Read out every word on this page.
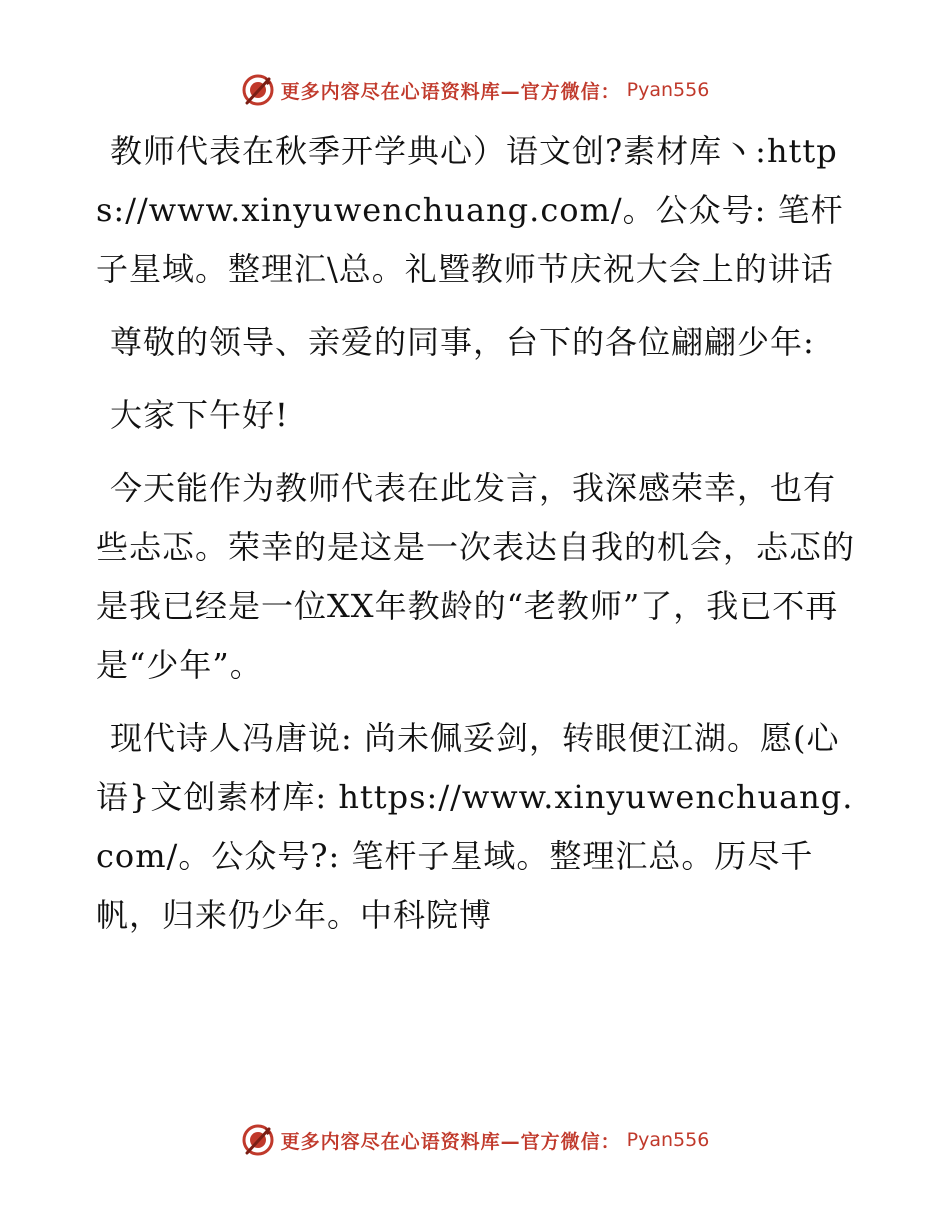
更多内容尽在心语资料库—官方微信： Pyan556

教师代表在秋季开学典心）语文创?素材库丶:https://www.xinyuwenchuang.com/。公众号: 笔杆子星域。整理汇\总。礼暨教师节庆祝大会上的讲话

尊敬的领导、亲爱的同事，台下的各位翩翩少年:

大家下午好!

今天能作为教师代表在此发言，我深感荣幸，也有些忐忑。荣幸的是这是一次表达自我的机会，忐忑的是我已经是一位XX年教龄的“老教师”了，我已不再是“少年”。

现代诗人冯唐说: 尚未佩妥剑，转眼便江湖。愿(心语}文创素材库: https://www.xinyuwenchuang.com/。公众号?: 笔杆子星域。整理汇总。历尽千帆，归来仍少年。中科院博

更多内容尽在心语资料库—官方微信： Pyan556
